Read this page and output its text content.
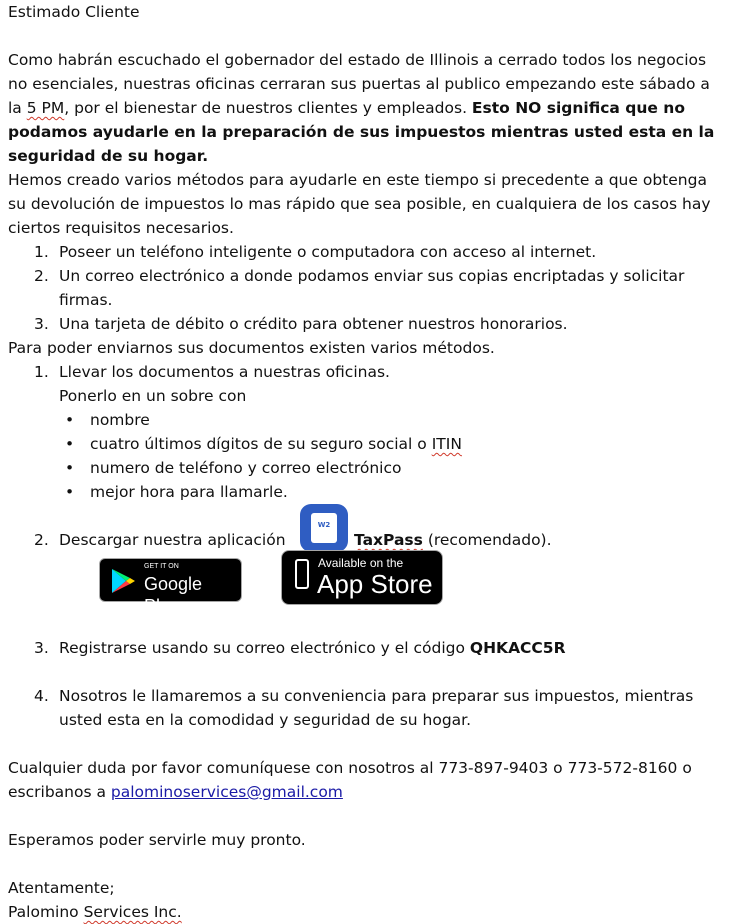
Estimado Cliente

Como habrán escuchado el gobernador del estado de Illinois a cerrado todos los negocios no esenciales, nuestras oficinas cerraran sus puertas al publico empezando este sábado a la 5 PM, por el bienestar de nuestros clientes y empleados. Esto NO significa que no podamos ayudarle en la preparación de sus impuestos mientras usted esta en la seguridad de su hogar.

Hemos creado varios métodos para ayudarle en este tiempo si precedente a que obtenga su devolución de impuestos lo mas rápido que sea posible, en cualquiera de los casos hay ciertos requisitos necesarios.

1. Poseer un teléfono inteligente o computadora con acceso al internet.
2. Un correo electrónico a donde podamos enviar sus copias encriptadas y solicitar firmas.
3. Una tarjeta de débito o crédito para obtener nuestros honorarios.

Para poder enviarnos sus documentos existen varios métodos.

1. Llevar los documentos a nuestras oficinas.
Ponerlo en un sobre con
• nombre
• cuatro últimos dígitos de su seguro social o ITIN
• numero de teléfono y correo electrónico
• mejor hora para llamarle.
2. Descargar nuestra aplicación
W2
TaxPass (recomendado).
GET IT ON
Google Play
Available on the
App Store
3. Registrarse usando su correo electrónico y el código QHKACC5R
4. Nosotros le llamaremos a su conveniencia para preparar sus impuestos, mientras usted esta en la comodidad y seguridad de su hogar.

Cualquier duda por favor comuníquese con nosotros al 773-897-9403 o 773-572-8160 o escribanos a palominoservices@gmail.com

Esperamos poder servirle muy pronto.

Atentamente;

Palomino Services Inc.
